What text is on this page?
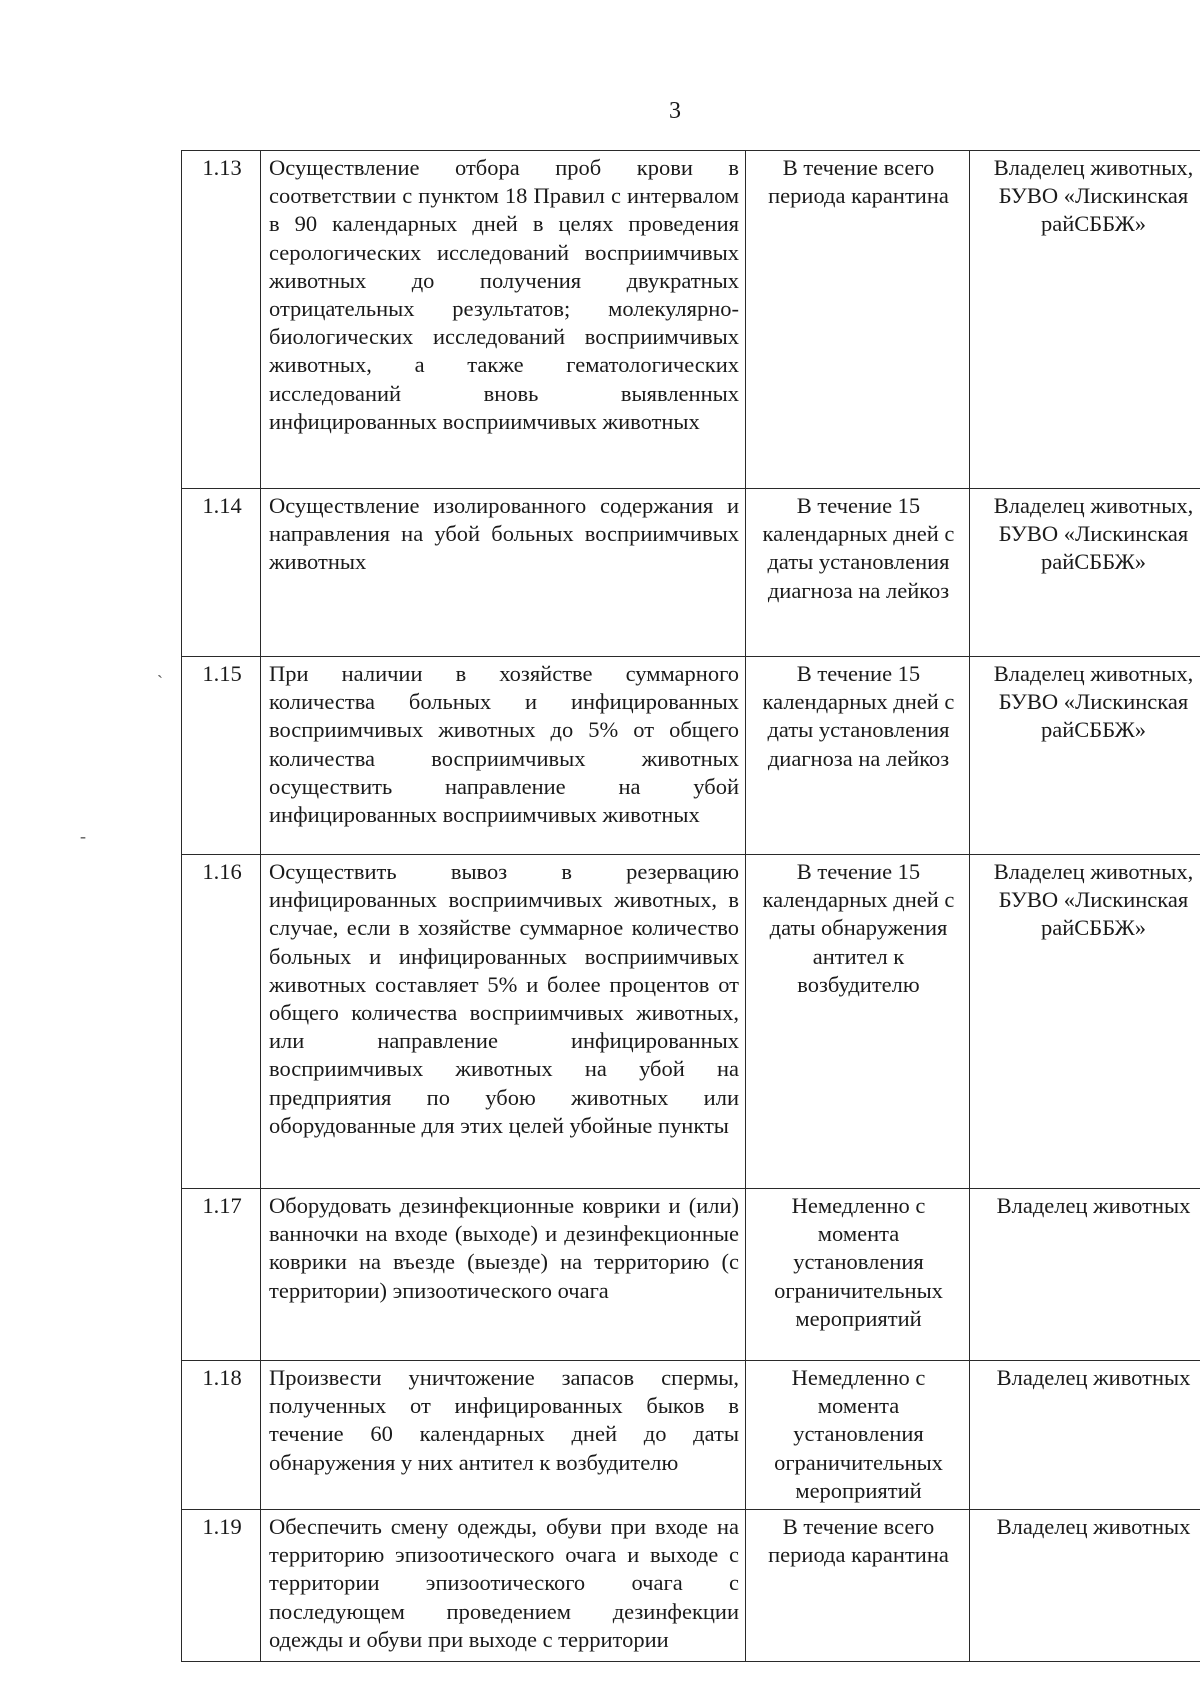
3
`
-
1.13	Осуществление отбора проб крови в соответствии с пунктом 18 Правил с интервалом в 90 календарных дней в целях проведения серологических исследований восприимчивых животных до получения двукратных отрицательных результатов; молекулярно-биологических исследований восприимчивых животных, а также гематологических исследований вновь выявленных инфицированных восприимчивых животных	В течение всего периода карантина	Владелец животных, БУВО «Лискинская райСББЖ»
1.14	Осуществление изолированного содержания и направления на убой больных восприимчивых животных	В течение 15 календарных дней с даты установления диагноза на лейкоз	Владелец животных, БУВО «Лискинская райСББЖ»
1.15	При наличии в хозяйстве суммарного количества больных и инфицированных восприимчивых животных до 5% от общего количества восприимчивых животных осуществить направление на убой инфицированных восприимчивых животных	В течение 15 календарных дней с даты установления диагноза на лейкоз	Владелец животных, БУВО «Лискинская райСББЖ»
1.16	Осуществить вывоз в резервацию инфицированных восприимчивых животных, в случае, если в хозяйстве суммарное количество больных и инфицированных восприимчивых животных составляет 5% и более процентов от общего количества восприимчивых животных, или направление инфицированных восприимчивых животных на убой на предприятия по убою животных или оборудованные для этих целей убойные пункты	В течение 15 календарных дней с даты обнаружения антител к возбудителю	Владелец животных, БУВО «Лискинская райСББЖ»
1.17	Оборудовать дезинфекционные коврики и (или) ванночки на входе (выходе) и дезинфекционные коврики на въезде (выезде) на территорию (с территории) эпизоотического очага	Немедленно с момента установления ограничительных мероприятий	Владелец животных
1.18	Произвести уничтожение запасов спермы, полученных от инфицированных быков в течение 60 календарных дней до даты обнаружения у них антител к возбудителю	Немедленно с момента установления ограничительных мероприятий	Владелец животных
1.19	Обеспечить смену одежды, обуви при входе на территорию эпизоотического очага и выходе с территории эпизоотического очага с последующем проведением дезинфекции одежды и обуви при выходе с территории	В течение всего периода карантина	Владелец животных
